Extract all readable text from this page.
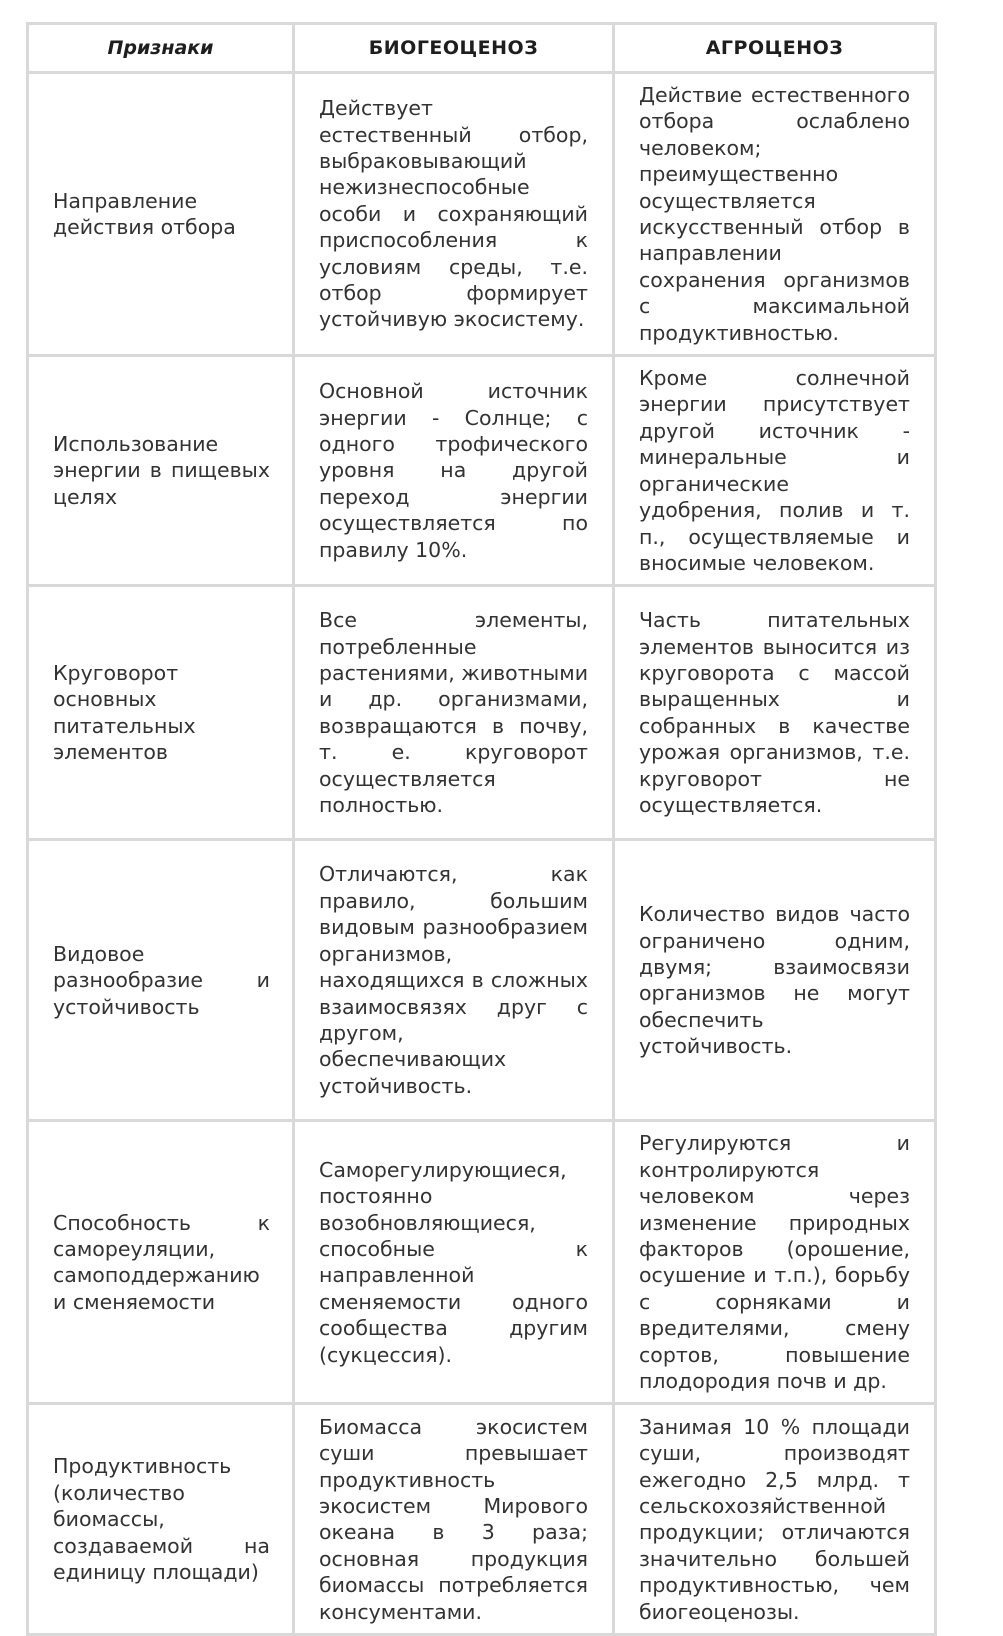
Признаки	БИОГЕОЦЕНОЗ	АГРОЦЕНОЗ
Направление действия отбора	Действует естественный отбор, выбраковывающий нежизнеспособные особи и сохраняющий приспособления к условиям среды, т.е. отбор формирует устойчивую экосистему.	Действие естественного отбора ослаблено человеком; преимущественно осуществляется искусственный отбор в направлении сохранения организмов с максимальной продуктивностью.
Использование энергии в пищевых целях	Основной источник энергии - Солнце; с одного трофического уровня на другой переход энергии осуществляется по правилу 10%.	Кроме солнечной энергии присутствует другой источник - минеральные и органические удобрения, полив и т. п., осуществляемые и вносимые человеком.
Круговорот основных питательных элементов	Все элементы, потребленные растениями, животными и др. организмами, возвращаются в почву, т. е. круговорот осуществляется полностью.	Часть питательных элементов выносится из круговорота с массой выращенных и собранных в качестве урожая организмов, т.е. круговорот не осуществляется.
Видовое разнообразие и устойчивость	Отличаются, как правило, большим видовым разнообразием организмов, находящихся в сложных взаимосвязях друг с другом, обеспечивающих устойчивость.	Количество видов часто ограничено одним, двумя; взаимосвязи организмов не могут обеспечить устойчивость.
Способность к самореуляции, самоподдержанию и сменяемости	Саморегулирующиеся, постоянно возобновляющиеся, способные к направленной сменяемости одного сообщества другим (сукцессия).	Регулируются и контролируются человеком через изменение природных факторов (орошение, осушение и т.п.), борьбу с сорняками и вредителями, смену сортов, повышение плодородия почв и др.
Продуктивность (количество биомассы, создаваемой на единицу площади)	Биомасса экосистем суши превышает продуктивность экосистем Мирового океана в 3 раза; основная продукция биомассы потребляется консументами.	Занимая 10 % площади суши, производят ежегодно 2,5 млрд. т сельскохозяйственной продукции; отличаются значительно большей продуктивностью, чем биогеоценозы.
